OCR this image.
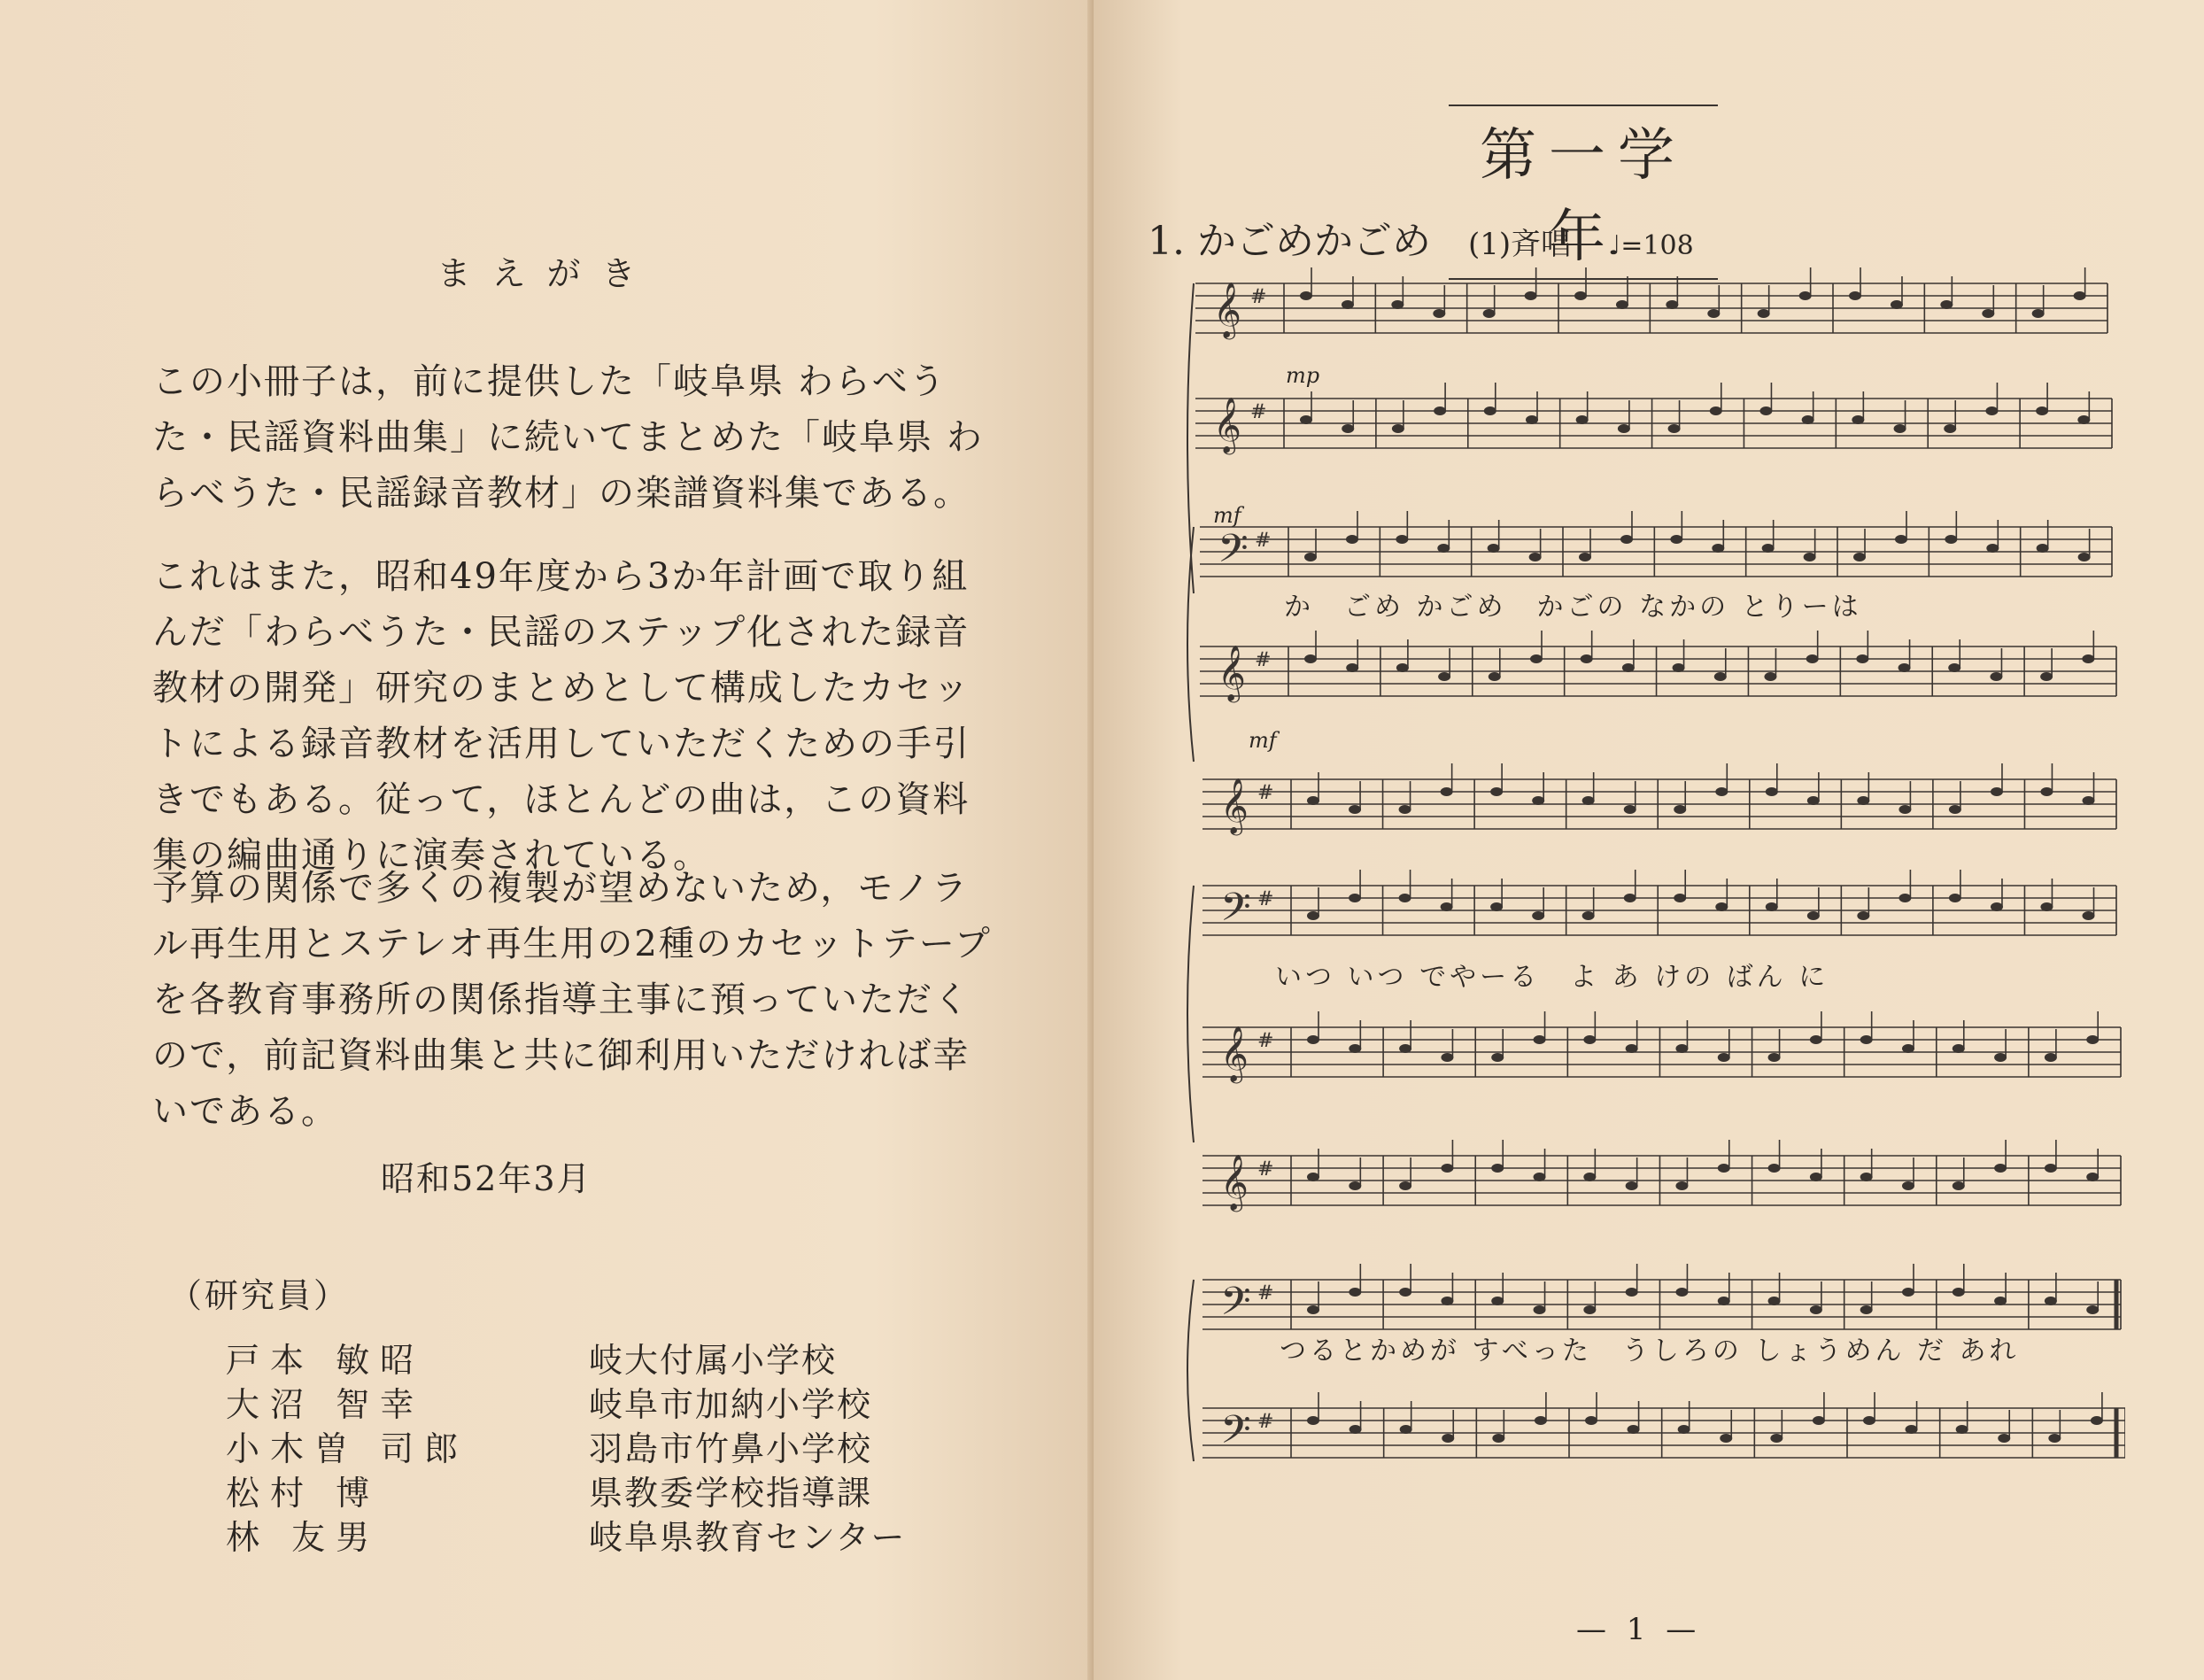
まえがき
この小冊子は，前に提供した「岐阜県 わらべうた・民謡資料曲集」に続いてまとめた「岐阜県 わらべうた・民謡録音教材」の楽譜資料集である。
これはまた，昭和49年度から3か年計画で取り組んだ「わらべうた・民謡のステップ化された録音教材の開発」研究のまとめとして構成したカセットによる録音教材を活用していただくための手引きでもある。従って，ほとんどの曲は，この資料集の編曲通りに演奏されている。
予算の関係で多くの複製が望めないため，モノラル再生用とステレオ再生用の2種のカセットテープを各教育事務所の関係指導主事に預っていただくので，前記資料曲集と共に御利用いただければ幸いである。
昭和52年3月
（研究員）
戸本 敏昭	岐大付属小学校
大沼 智幸	岐阜市加納小学校
小木曽 司郎	羽島市竹鼻小学校
松村 博	県教委学校指導課
林 友男	岐阜県教育センター
第一学年
1. かごめかごめ (1)斉唱 ♩=108
𝄞 #
𝄞 #
𝄢 #
𝄞 #
𝄞 #
𝄢 #
𝄞 #
𝄞 #
𝄢 #
𝄢 #
mp
mf
mf
か　ごめ かごめ　かごの なかの とりーは
いつ いつ でやーる　よ あ けの ばん に
つるとかめが すべった　うしろの しょうめん だ あれ
— 1 —
